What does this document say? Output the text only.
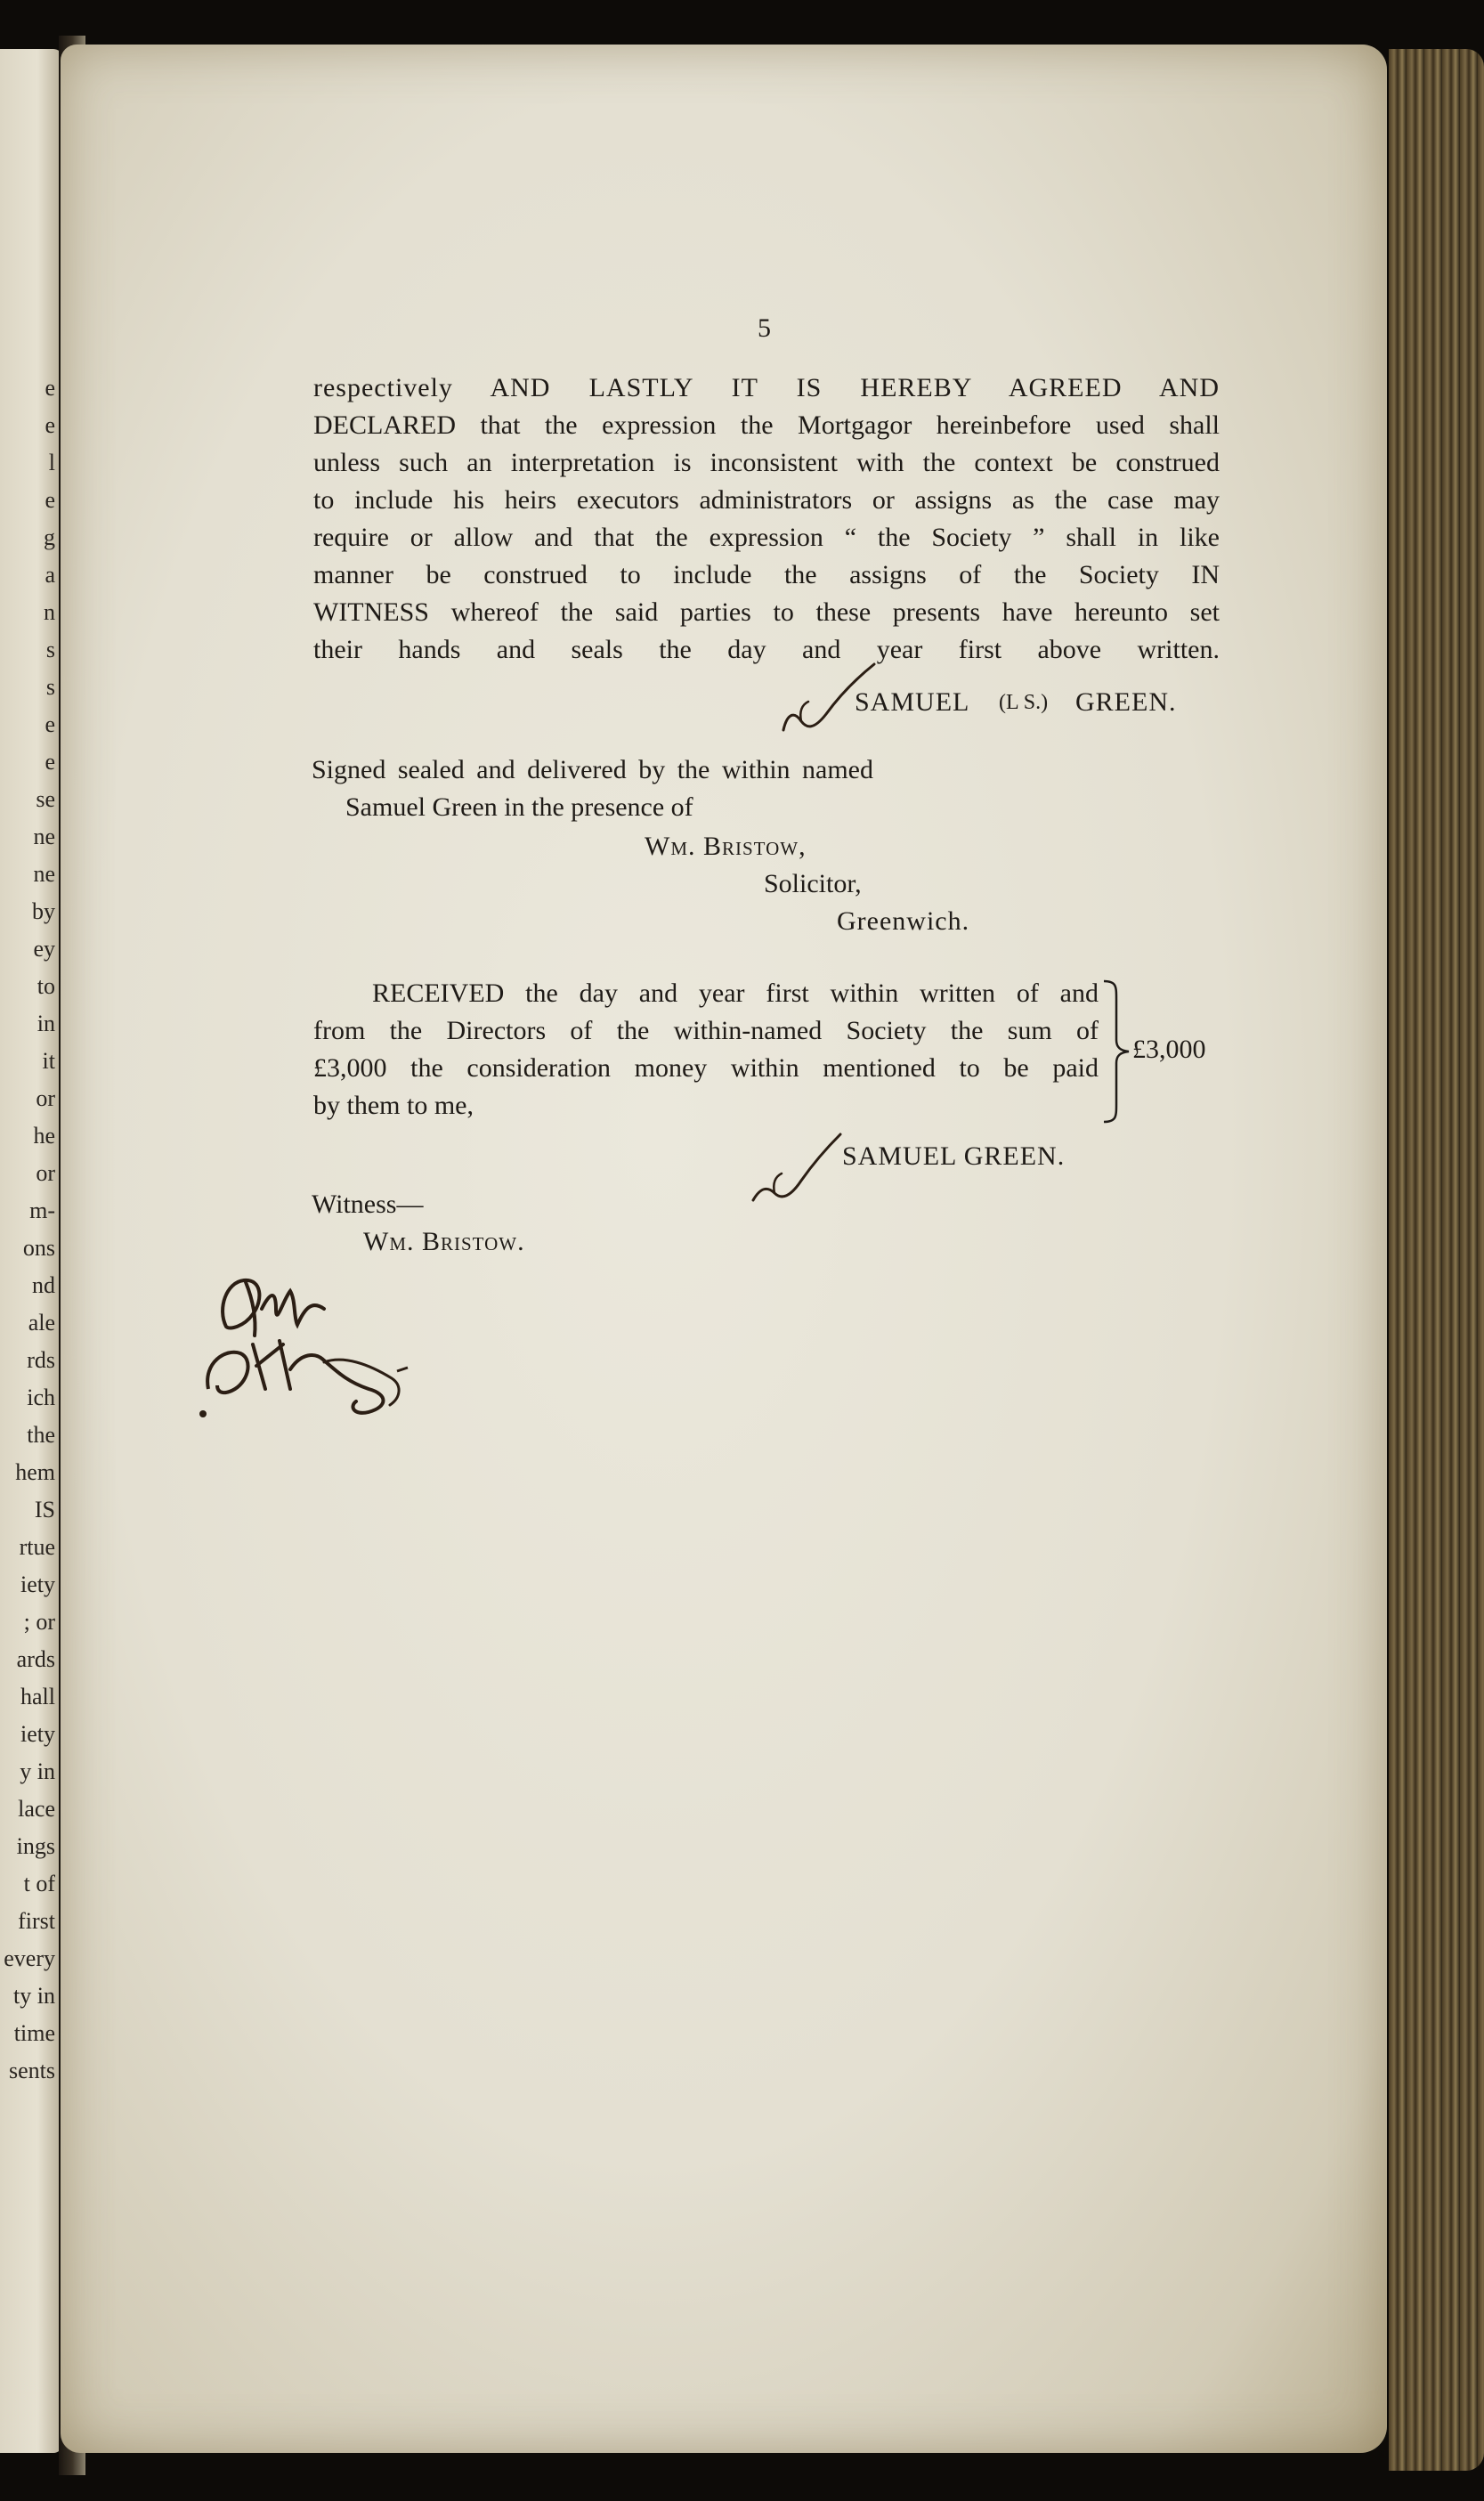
e
e
l
e
g
a
n
s
s
e
e
se
ne
ne
by
ey
to
in
it
or
he
or
m-
ons
nd
ale
rds
ich
the
hem
IS
rtue
iety
; or
ards
hall
iety
y in
lace
ings
t of
first
every
ty in
time
sents
5
respectively AND LASTLY IT IS HEREBY AGREED AND
DECLARED that the expression the Mortgagor hereinbefore used shall
unless such an interpretation is inconsistent with the context be construed
to include his heirs executors administrators or assigns as the case may
require or allow and that the expression “ the Society ” shall in like
manner be construed to include the assigns of the Society IN
WITNESS whereof the said parties to these presents have hereunto set
their hands and seals the day and year first above written.
SAMUEL (L S.) GREEN.
Signed sealed and delivered by the within named
Samuel Green in the presence of
Wm. Bristow,
Solicitor,
Greenwich.
RECEIVED the day and year first within written of and
from the Directors of the within-named Society the sum of
£3,000 the consideration money within mentioned to be paid
by them to me,
£3,000
SAMUEL GREEN.
Witness—
Wm. Bristow.
